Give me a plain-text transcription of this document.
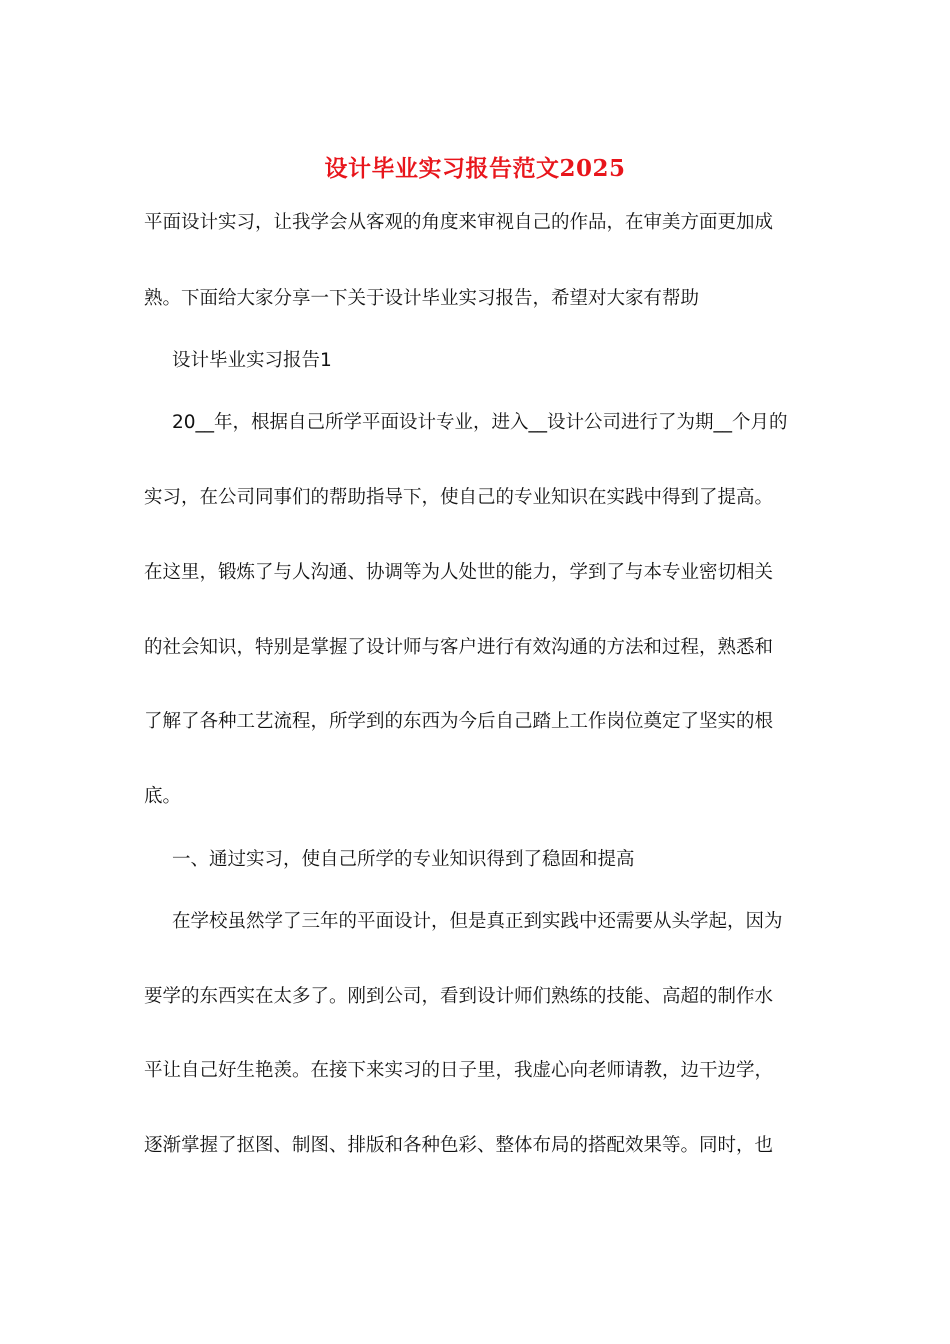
设计毕业实习报告范文2025
平面设计实习，让我学会从客观的角度来审视自己的作品，在审美方面更加成
熟。下面给大家分享一下关于设计毕业实习报告，希望对大家有帮助
设计毕业实习报告1
20__年，根据自己所学平面设计专业，进入__设计公司进行了为期__个月的
实习，在公司同事们的帮助指导下，使自己的专业知识在实践中得到了提高。
在这里，锻炼了与人沟通、协调等为人处世的能力，学到了与本专业密切相关
的社会知识，特别是掌握了设计师与客户进行有效沟通的方法和过程，熟悉和
了解了各种工艺流程，所学到的东西为今后自己踏上工作岗位奠定了坚实的根
底。
一、通过实习，使自己所学的专业知识得到了稳固和提高
在学校虽然学了三年的平面设计，但是真正到实践中还需要从头学起，因为
要学的东西实在太多了。刚到公司，看到设计师们熟练的技能、高超的制作水
平让自己好生艳羡。在接下来实习的日子里，我虚心向老师请教，边干边学，
逐渐掌握了抠图、制图、排版和各种色彩、整体布局的搭配效果等。同时，也
